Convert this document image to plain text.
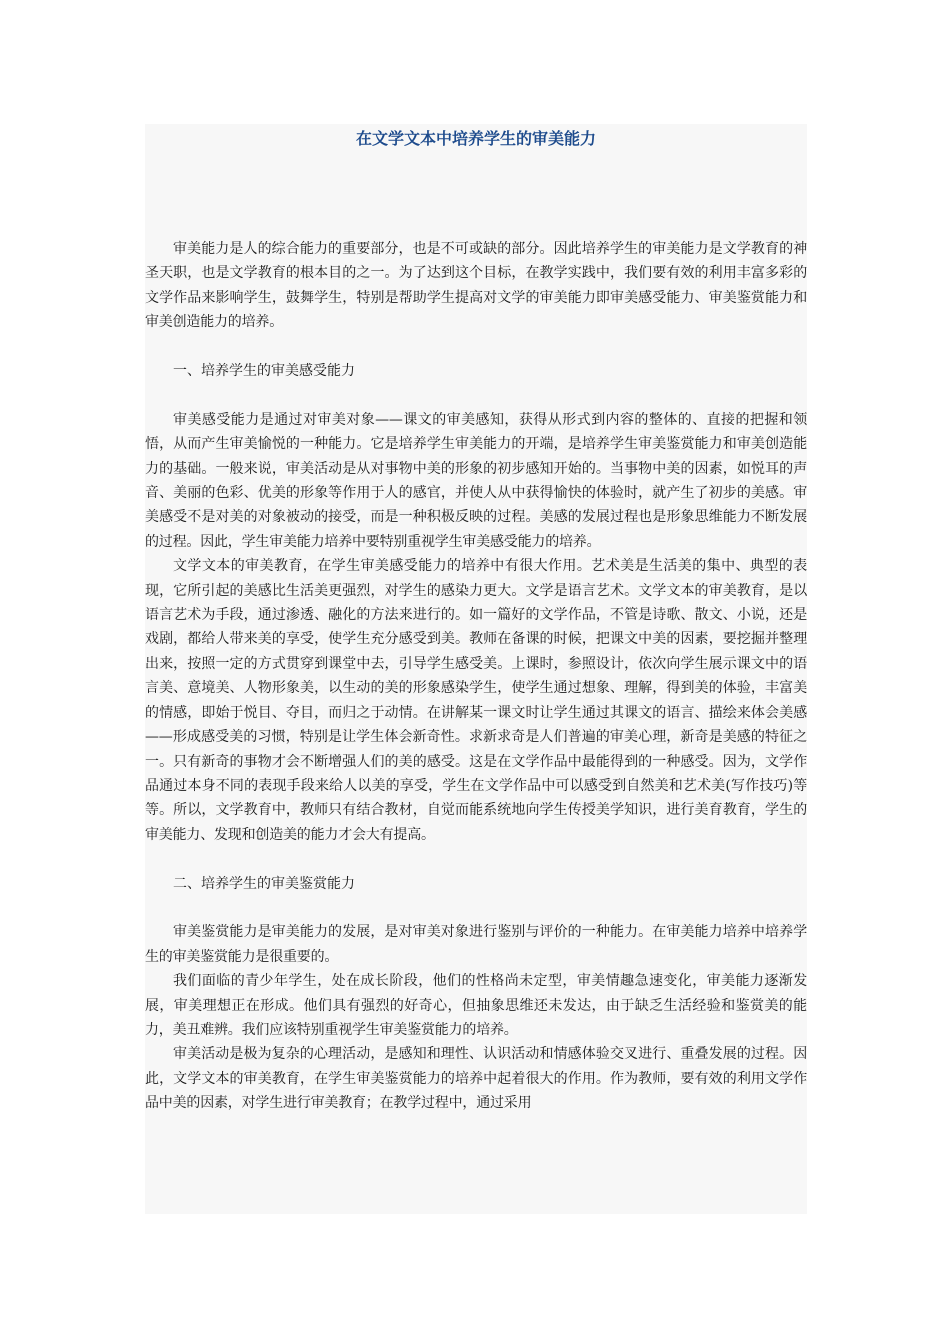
在文学文本中培养学生的审美能力

审美能力是人的综合能力的重要部分，也是不可或缺的部分。因此培养学生的审美能力是文学教育的神圣天职，也是文学教育的根本目的之一。为了达到这个目标，在教学实践中，我们要有效的利用丰富多彩的文学作品来影响学生，鼓舞学生，特别是帮助学生提高对文学的审美能力即审美感受能力、审美鉴赏能力和审美创造能力的培养。

一、培养学生的审美感受能力

审美感受能力是通过对审美对象——课文的审美感知，获得从形式到内容的整体的、直接的把握和领悟，从而产生审美愉悦的一种能力。它是培养学生审美能力的开端，是培养学生审美鉴赏能力和审美创造能力的基础。一般来说，审美活动是从对事物中美的形象的初步感知开始的。当事物中美的因素，如悦耳的声音、美丽的色彩、优美的形象等作用于人的感官，并使人从中获得愉快的体验时，就产生了初步的美感。审美感受不是对美的对象被动的接受，而是一种积极反映的过程。美感的发展过程也是形象思维能力不断发展的过程。因此，学生审美能力培养中要特别重视学生审美感受能力的培养。

文学文本的审美教育，在学生审美感受能力的培养中有很大作用。艺术美是生活美的集中、典型的表现，它所引起的美感比生活美更强烈，对学生的感染力更大。文学是语言艺术。文学文本的审美教育，是以语言艺术为手段，通过渗透、融化的方法来进行的。如一篇好的文学作品，不管是诗歌、散文、小说，还是戏剧，都给人带来美的享受，使学生充分感受到美。教师在备课的时候，把课文中美的因素，要挖掘并整理出来，按照一定的方式贯穿到课堂中去，引导学生感受美。上课时，参照设计，依次向学生展示课文中的语言美、意境美、人物形象美，以生动的美的形象感染学生，使学生通过想象、理解，得到美的体验，丰富美的情感，即始于悦目、夺目，而归之于动情。在讲解某一课文时让学生通过其课文的语言、描绘来体会美感——形成感受美的习惯，特别是让学生体会新奇性。求新求奇是人们普遍的审美心理，新奇是美感的特征之一。只有新奇的事物才会不断增强人们的美的感受。这是在文学作品中最能得到的一种感受。因为，文学作品通过本身不同的表现手段来给人以美的享受，学生在文学作品中可以感受到自然美和艺术美(写作技巧)等等。所以，文学教育中，教师只有结合教材，自觉而能系统地向学生传授美学知识，进行美育教育，学生的审美能力、发现和创造美的能力才会大有提高。

二、培养学生的审美鉴赏能力

审美鉴赏能力是审美能力的发展，是对审美对象进行鉴别与评价的一种能力。在审美能力培养中培养学生的审美鉴赏能力是很重要的。

我们面临的青少年学生，处在成长阶段，他们的性格尚未定型，审美情趣急速变化，审美能力逐渐发展，审美理想正在形成。他们具有强烈的好奇心，但抽象思维还未发达，由于缺乏生活经验和鉴赏美的能力，美丑难辨。我们应该特别重视学生审美鉴赏能力的培养。

审美活动是极为复杂的心理活动，是感知和理性、认识活动和情感体验交叉进行、重叠发展的过程。因此，文学文本的审美教育，在学生审美鉴赏能力的培养中起着很大的作用。作为教师，要有效的利用文学作品中美的因素，对学生进行审美教育；在教学过程中，通过采用
